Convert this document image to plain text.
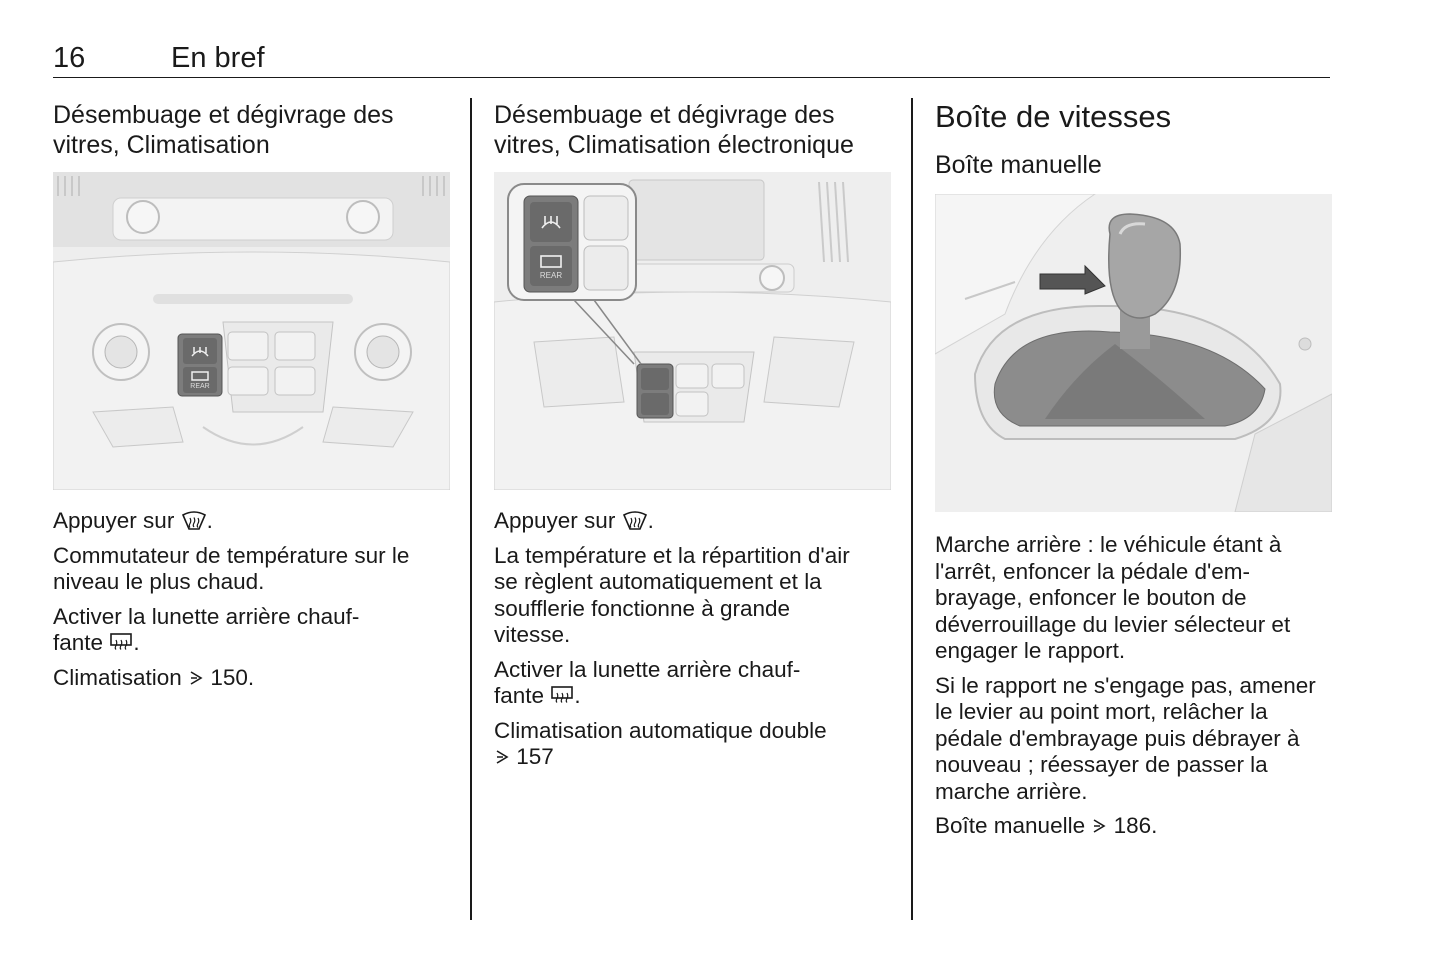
16	En bref
Désembuage et dégivrage des
vitres, Climatisation
REAR

Appuyer sur .

Commutateur de température sur le
niveau le plus chaud.

Activer la lunette arrière chauf-
fante .

Climatisation 150.

Désembuage et dégivrage des
vitres, Climatisation électronique
REAR

Appuyer sur .

La température et la répartition d'air
se règlent automatiquement et la
soufflerie fonctionne à grande
vitesse.

Activer la lunette arrière chauf-
fante .

Climatisation automatique double
157

Boîte de vitesses
Boîte manuelle

Marche arrière : le véhicule étant à
l'arrêt, enfoncer la pédale d'em-
brayage, enfoncer le bouton de
déverrouillage du levier sélecteur et
engager le rapport.

Si le rapport ne s'engage pas, amener
le levier au point mort, relâcher la
pédale d'embrayage puis débrayer à
nouveau ; réessayer de passer la
marche arrière.

Boîte manuelle 186.
